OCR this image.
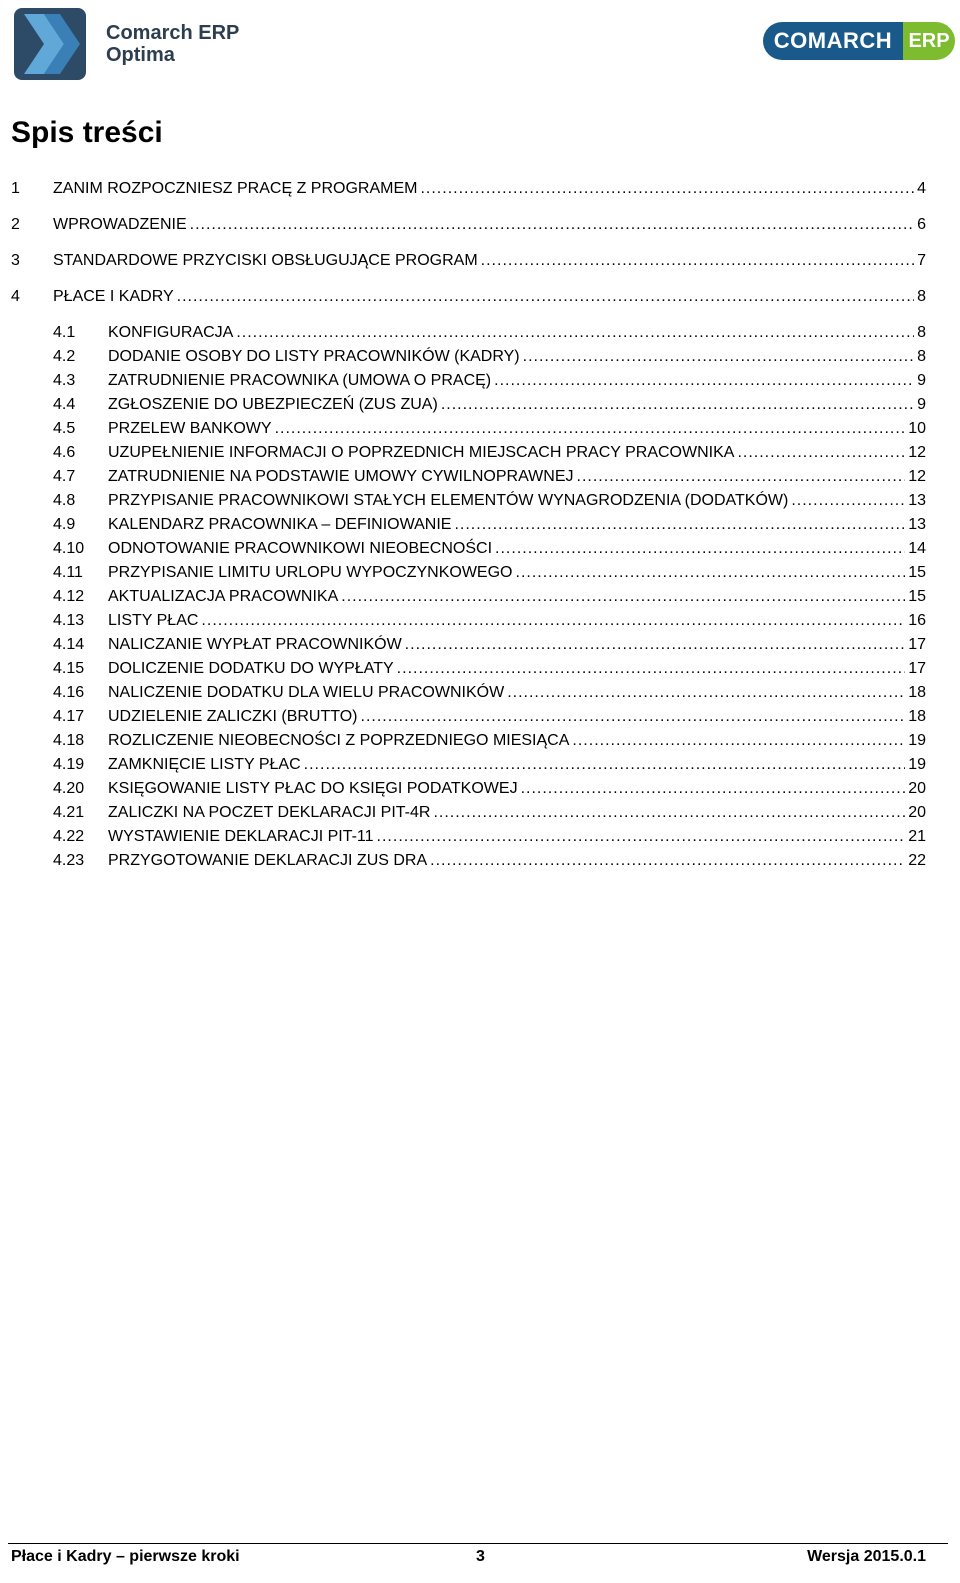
Comarch ERP
Optima
COMARCH ERP
Spis treści
1	ZANIM ROZPOCZNIESZ PRACĘ Z PROGRAMEM .....	4
2	WPROWADZENIE .....	6
3	STANDARDOWE PRZYCISKI OBSŁUGUJĄCE PROGRAM .....	7
4	PŁACE I KADRY .....	8
4.1	KONFIGURACJA .....	8
4.2	DODANIE OSOBY DO LISTY PRACOWNIKÓW (KADRY) .....	8
4.3	ZATRUDNIENIE PRACOWNIKA (UMOWA O PRACĘ) .....	9
4.4	ZGŁOSZENIE DO UBEZPIECZEŃ (ZUS ZUA) .....	9
4.5	PRZELEW BANKOWY .....	10
4.6	UZUPEŁNIENIE INFORMACJI O POPRZEDNICH MIEJSCACH PRACY PRACOWNIKA .....	12
4.7	ZATRUDNIENIE NA PODSTAWIE UMOWY CYWILNOPRAWNEJ .....	12
4.8	PRZYPISANIE PRACOWNIKOWI STAŁYCH ELEMENTÓW WYNAGRODZENIA (DODATKÓW) .....	13
4.9	KALENDARZ PRACOWNIKA – DEFINIOWANIE .....	13
4.10	ODNOTOWANIE PRACOWNIKOWI NIEOBECNOŚCI .....	14
4.11	PRZYPISANIE LIMITU URLOPU WYPOCZYNKOWEGO .....	15
4.12	AKTUALIZACJA PRACOWNIKA .....	15
4.13	LISTY PŁAC .....	16
4.14	NALICZANIE WYPŁAT PRACOWNIKÓW .....	17
4.15	DOLICZENIE DODATKU DO WYPŁATY .....	17
4.16	NALICZENIE DODATKU DLA WIELU PRACOWNIKÓW .....	18
4.17	UDZIELENIE ZALICZKI (BRUTTO) .....	18
4.18	ROZLICZENIE NIEOBECNOŚCI Z POPRZEDNIEGO MIESIĄCA .....	19
4.19	ZAMKNIĘCIE LISTY PŁAC .....	19
4.20	KSIĘGOWANIE LISTY PŁAC DO KSIĘGI PODATKOWEJ .....	20
4.21	ZALICZKI NA POCZET DEKLARACJI PIT-4R .....	20
4.22	WYSTAWIENIE DEKLARACJI PIT-11 .....	21
4.23	PRZYGOTOWANIE DEKLARACJI ZUS DRA .....	22
Płace i Kadry – pierwsze kroki	3	Wersja 2015.0.1
